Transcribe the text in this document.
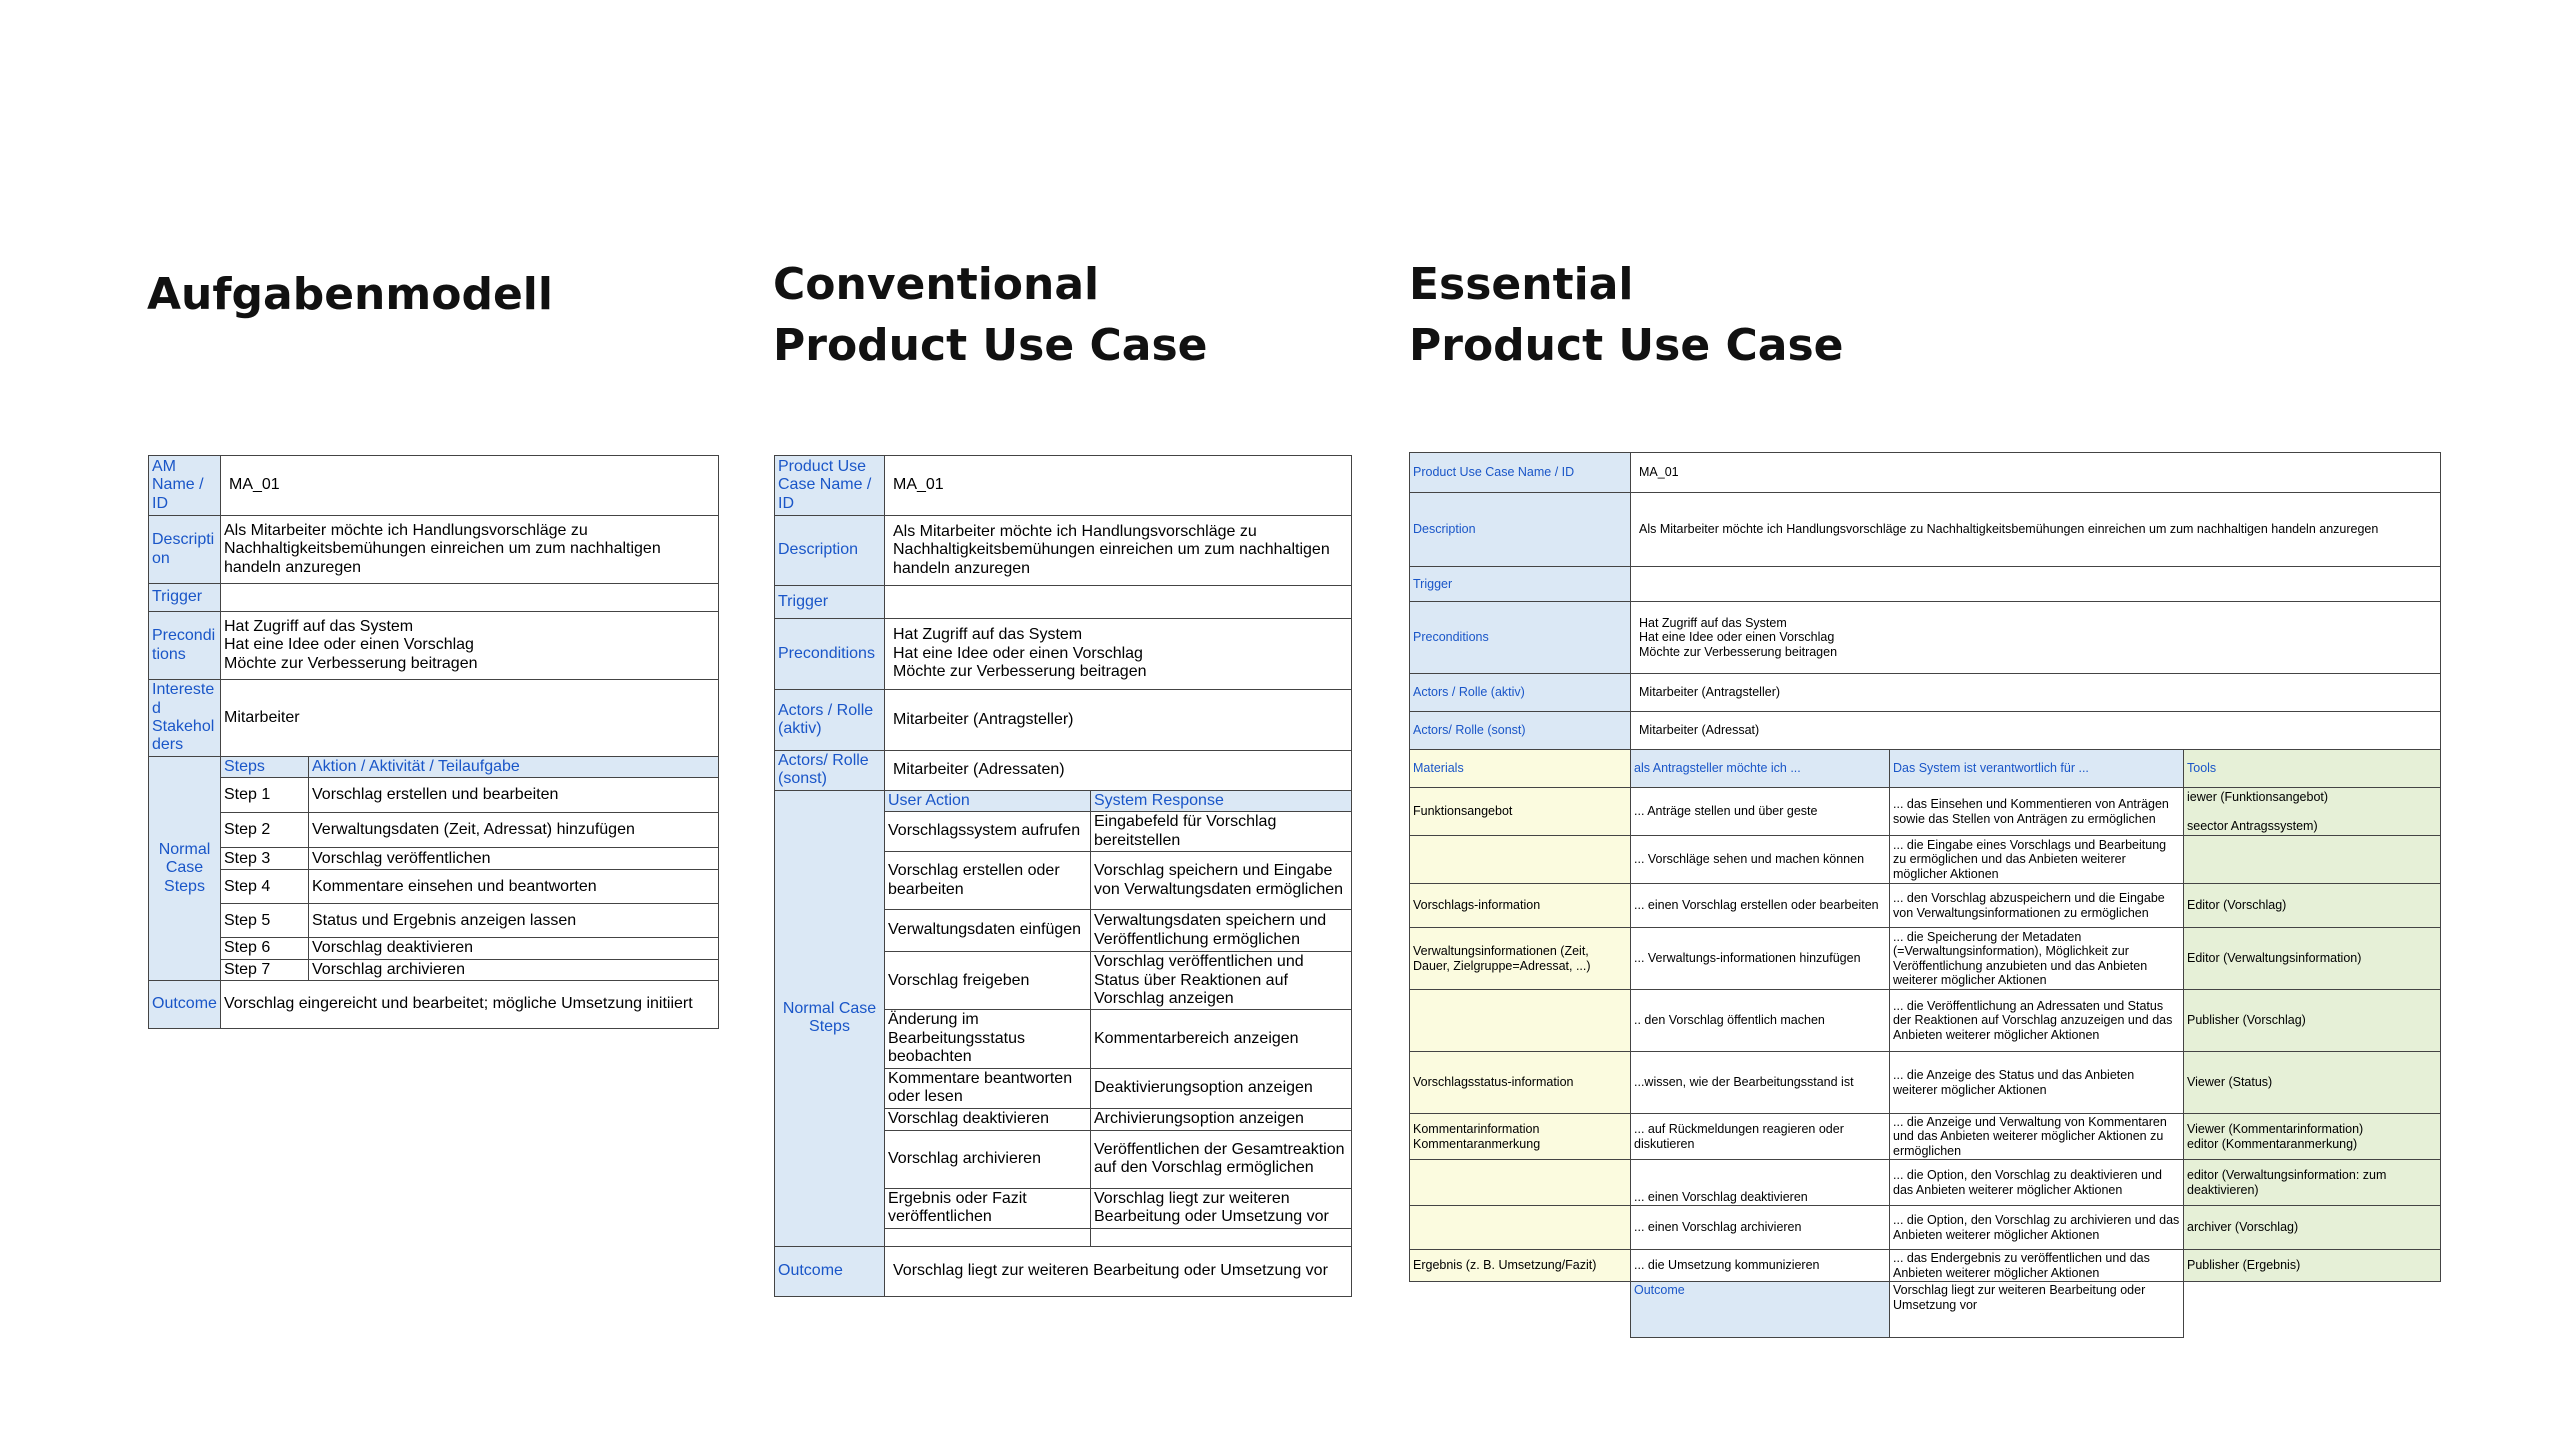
Aufgabenmodell	Conventional
Product Use Case
Essential
Product Use Case
AM Name / ID	MA_01	
Description	Als Mitarbeiter möchte ich Handlungsvorschläge zu Nachhaltigkeitsbemühungen einreichen um zum nachhaltigen handeln anzuregen	
Trigger		
Preconditions	Hat Zugriff auf das System
Hat eine Idee oder einen Vorschlag
Möchte zur Verbesserung beitragen	

Interested Stakeholders	Mitarbeiter	
Normal Case Steps	Steps	Aktion / Aktivität / Teilaufgabe
	Step 1	Vorschlag erstellen und bearbeiten
	Step 2	Verwaltungsdaten (Zeit, Adressat) hinzufügen
	Step 3	Vorschlag veröffentlichen
	Step 4	Kommentare einsehen und beantworten
	Step 5	Status und Ergebnis anzeigen lassen
	Step 6	Vorschlag deaktivieren
	Step 7	Vorschlag archivieren
Outcome	Vorschlag eingereicht und bearbeitet; mögliche Umsetzung initiiert	
Product Use Case Name / ID	MA_01	
Description	Als Mitarbeiter möchte ich Handlungsvorschläge zu Nachhaltigkeitsbemühungen einreichen um zum nachhaltigen handeln anzuregen	
Trigger		
Preconditions	Hat Zugriff auf das System
Hat eine Idee oder einen Vorschlag
Möchte zur Verbesserung beitragen	

Actors / Rolle (aktiv)	Mitarbeiter (Antragsteller)	
Actors/ Rolle (sonst)	Mitarbeiter (Adressaten)	
Normal Case Steps	User Action	System Response
	Vorschlagssystem aufrufen	Eingabefeld für Vorschlag bereitstellen
	Vorschlag erstellen oder bearbeiten	Vorschlag speichern und Eingabe von Verwaltungsdaten ermöglichen
	Verwaltungsdaten einfügen	Verwaltungsdaten speichern und Veröffentlichung ermöglichen
	Vorschlag freigeben	Vorschlag veröffentlichen und Status über Reaktionen auf Vorschlag anzeigen
	Änderung im Bearbeitungsstatus beobachten	Kommentarbereich anzeigen
	Kommentare beantworten oder lesen	Deaktivierungsoption anzeigen
	Vorschlag deaktivieren	Archivierungsoption anzeigen
	Vorschlag archivieren	Veröffentlichen der Gesamtreaktion auf den Vorschlag ermöglichen
	Ergebnis oder Fazit veröffentlichen	Vorschlag liegt zur weiteren Bearbeitung oder Umsetzung vor

Outcome	Vorschlag liegt zur weiteren Bearbeitung oder Umsetzung vor	
Product Use Case Name / ID	MA_01		
Description	Als Mitarbeiter möchte ich Handlungsvorschläge zu Nachhaltigkeitsbemühungen einreichen um zum nachhaltigen handeln anzuregen		
Trigger			
Preconditions	Hat Zugriff auf das System
Hat eine Idee oder einen Vorschlag
Möchte zur Verbesserung beitragen		

Actors / Rolle (aktiv)	Mitarbeiter (Antragsteller)		
Actors/ Rolle (sonst)	Mitarbeiter (Adressat)		
Materials	als Antragsteller möchte ich ...	Das System ist verantwortlich für ...	Tools
Funktionsangebot	... Anträge stellen und über geste	... das Einsehen und Kommentieren von Anträgen sowie das Stellen von Anträgen zu ermöglichen	iewer (Funktionsangebot)
seector Antragssystem)

	... Vorschläge sehen und machen können	... die Eingabe eines Vorschlags und Bearbeitung zu ermöglichen und das Anbieten weiterer möglicher Aktionen	
Vorschlags-information	... einen Vorschlag erstellen oder bearbeiten	... den Vorschlag abzuspeichern und die Eingabe von Verwaltungsinformationen zu ermöglichen	Editor (Vorschlag)
Verwaltungsinformationen (Zeit, Dauer, Zielgruppe=Adressat, ...)	... Verwaltungs-informationen hinzufügen	... die Speicherung der Metadaten (=Verwaltungsinformation), Möglichkeit zur Veröffentlichung anzubieten und das Anbieten weiterer möglicher Aktionen	Editor (Verwaltungsinformation)
	.. den Vorschlag öffentlich machen	... die Veröffentlichung an Adressaten und Status der Reaktionen auf Vorschlag anzuzeigen und das Anbieten weiterer möglicher Aktionen	Publisher (Vorschlag)
Vorschlagsstatus-information	...wissen, wie der Bearbeitungsstand ist	... die Anzeige des Status und das Anbieten weiterer möglicher Aktionen	Viewer (Status)
Kommentarinformation Kommentaranmerkung	... auf Rückmeldungen reagieren oder diskutieren	... die Anzeige und Verwaltung von Kommentaren und das Anbieten weiterer möglicher Aktionen zu ermöglichen	Viewer (Kommentarinformation)
editor (Kommentaranmerkung)

	... einen Vorschlag deaktivieren	... die Option, den Vorschlag zu deaktivieren und das Anbieten weiterer möglicher Aktionen	editor (Verwaltungsinformation: zum deaktivieren)
	... einen Vorschlag archivieren	... die Option, den Vorschlag zu archivieren und das Anbieten weiterer möglicher Aktionen	archiver (Vorschlag)
Ergebnis (z. B. Umsetzung/Fazit)	... die Umsetzung kommunizieren	... das Endergebnis zu veröffentlichen und das Anbieten weiterer möglicher Aktionen	Publisher (Ergebnis)
	Outcome	Vorschlag liegt zur weiteren Bearbeitung oder Umsetzung vor	
